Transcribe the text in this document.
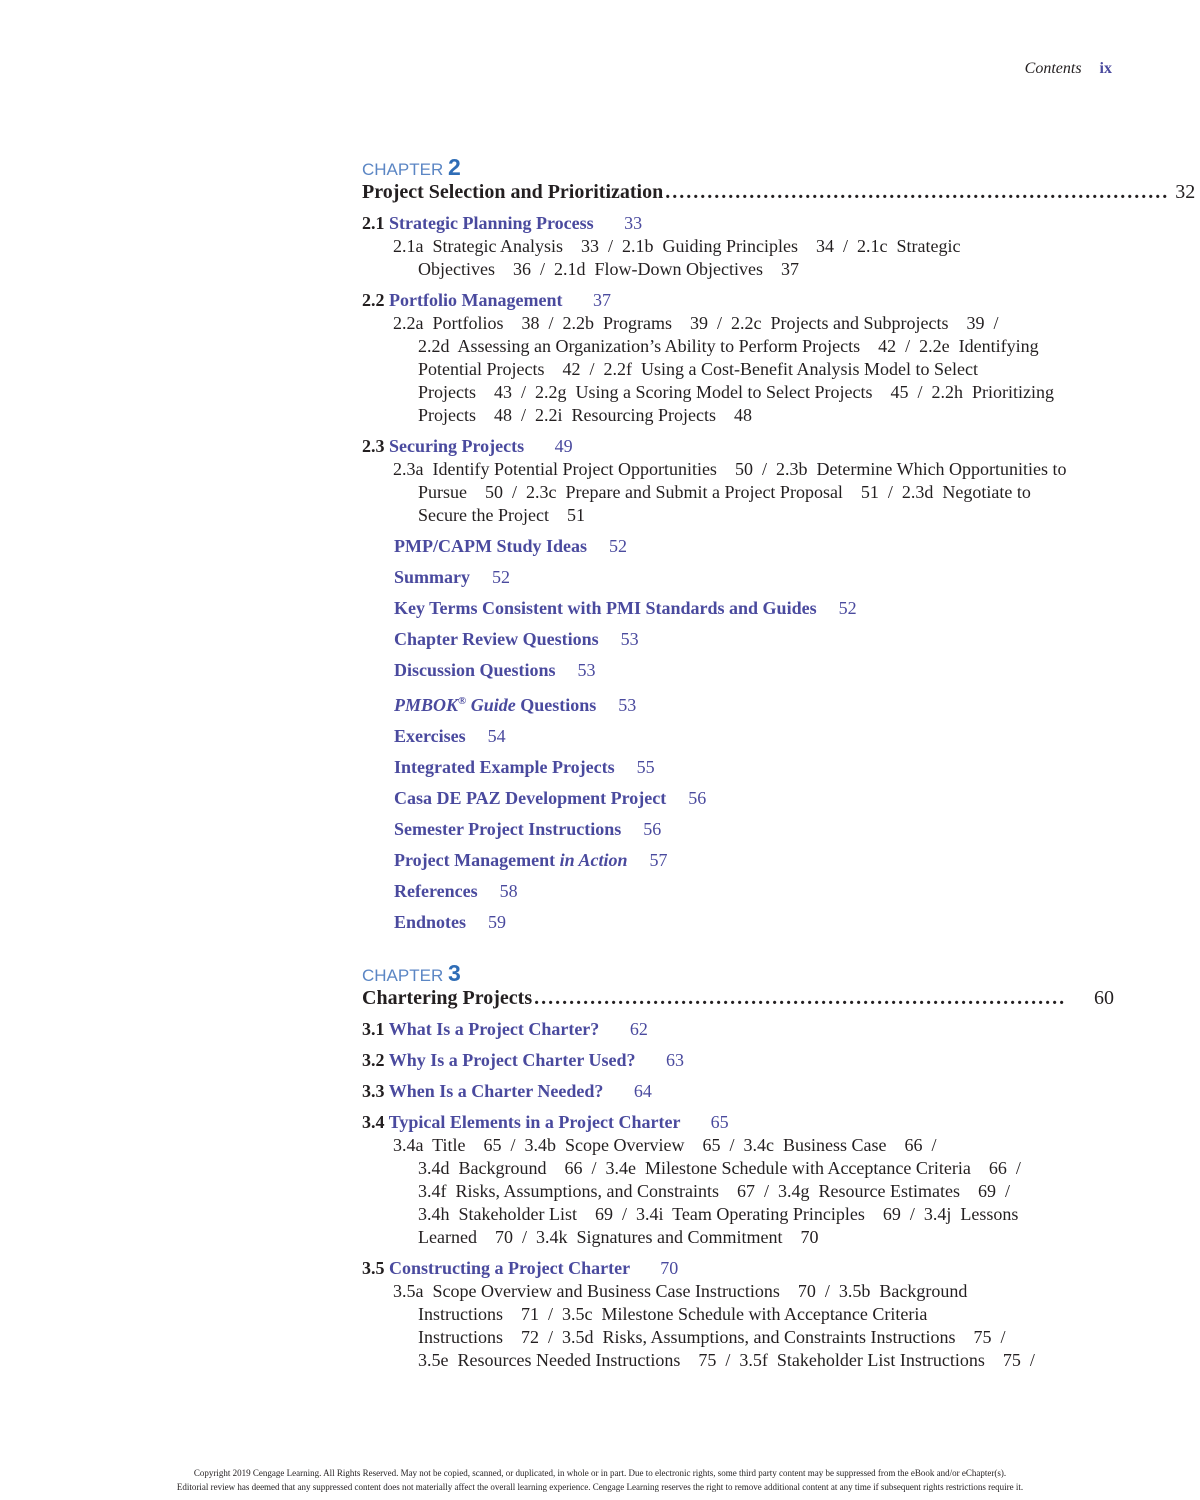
Contents ix
CHAPTER 2
Project Selection and Prioritization ........................................................................ 32
2.1 Strategic Planning Process 33
2.1a  Strategic Analysis    33  /  2.1b  Guiding Principles    34  /  2.1c  Strategic
Objectives    36  /  2.1d  Flow-Down Objectives    37
2.2 Portfolio Management 37
2.2a  Portfolios    38  /  2.2b  Programs    39  /  2.2c  Projects and Subprojects    39  /
2.2d  Assessing an Organization’s Ability to Perform Projects    42  /  2.2e  Identifying
Potential Projects    42  /  2.2f  Using a Cost-Benefit Analysis Model to Select
Projects    43  /  2.2g  Using a Scoring Model to Select Projects    45  /  2.2h  Prioritizing
Projects    48  /  2.2i  Resourcing Projects    48
2.3 Securing Projects 49
2.3a  Identify Potential Project Opportunities    50  /  2.3b  Determine Which Opportunities to
Pursue    50  /  2.3c  Prepare and Submit a Project Proposal    51  /  2.3d  Negotiate to
Secure the Project    51
PMP/CAPM Study Ideas 52
Summary 52
Key Terms Consistent with PMI Standards and Guides 52
Chapter Review Questions 53
Discussion Questions 53
PMBOK® Guide Questions 53
Exercises 54
Integrated Example Projects 55
Casa DE PAZ Development Project 56
Semester Project Instructions 56
Project Management in Action 57
References 58
Endnotes 59
CHAPTER 3
Chartering Projects ............................................................................	60
3.1 What Is a Project Charter? 62
3.2 Why Is a Project Charter Used? 63
3.3 When Is a Charter Needed? 64
3.4 Typical Elements in a Project Charter 65
3.4a  Title    65  /  3.4b  Scope Overview    65  /  3.4c  Business Case    66  /
3.4d  Background    66  /  3.4e  Milestone Schedule with Acceptance Criteria    66  /
3.4f  Risks, Assumptions, and Constraints    67  /  3.4g  Resource Estimates    69  /
3.4h  Stakeholder List    69  /  3.4i  Team Operating Principles    69  /  3.4j  Lessons
Learned    70  /  3.4k  Signatures and Commitment    70
3.5 Constructing a Project Charter 70
3.5a  Scope Overview and Business Case Instructions    70  /  3.5b  Background
Instructions    71  /  3.5c  Milestone Schedule with Acceptance Criteria
Instructions    72  /  3.5d  Risks, Assumptions, and Constraints Instructions    75  /
3.5e  Resources Needed Instructions    75  /  3.5f  Stakeholder List Instructions    75  /
Copyright 2019 Cengage Learning. All Rights Reserved. May not be copied, scanned, or duplicated, in whole or in part. Due to electronic rights, some third party content may be suppressed from the eBook and/or eChapter(s).
Editorial review has deemed that any suppressed content does not materially affect the overall learning experience. Cengage Learning reserves the right to remove additional content at any time if subsequent rights restrictions require it.
